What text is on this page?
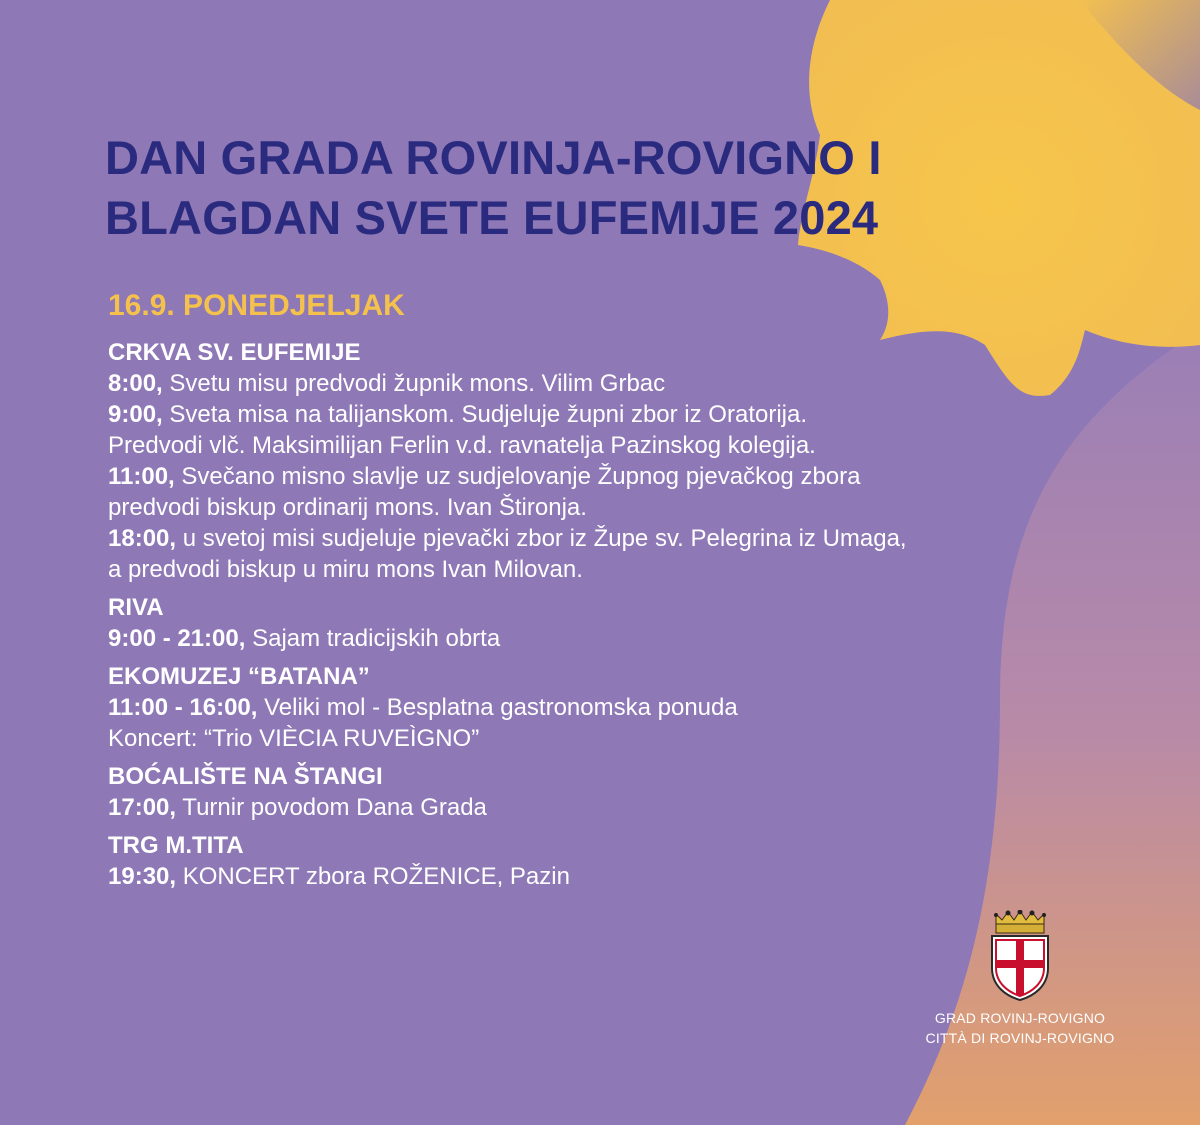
DAN GRADA ROVINJA-ROVIGNO I
BLAGDAN SVETE EUFEMIJE 2024
16.9. PONEDJELJAK
CRKVA SV. EUFEMIJE
8:00, Svetu misu predvodi župnik mons. Vilim Grbac
9:00, Sveta misa na talijanskom. Sudjeluje župni zbor iz Oratorija.
Predvodi vlč. Maksimilijan Ferlin v.d. ravnatelja Pazinskog kolegija.
11:00, Svečano misno slavlje uz sudjelovanje Župnog pjevačkog zbora
predvodi biskup ordinarij mons. Ivan Štironja.
18:00, u svetoj misi sudjeluje pjevački zbor iz Župe sv. Pelegrina iz Umaga,
a predvodi biskup u miru mons Ivan Milovan.
RIVA
9:00 - 21:00, Sajam tradicijskih obrta
EKOMUZEJ “BATANA”
11:00 - 16:00, Veliki mol - Besplatna gastronomska ponuda
Koncert: “Trio VIÈCIA RUVEÌGNO”
BOĆALIŠTE NA ŠTANGI
17:00, Turnir povodom Dana Grada
TRG M.TITA
19:30, KONCERT zbora ROŽENICE, Pazin
GRAD ROVINJ-ROVIGNO
CITTÀ DI ROVINJ-ROVIGNO
